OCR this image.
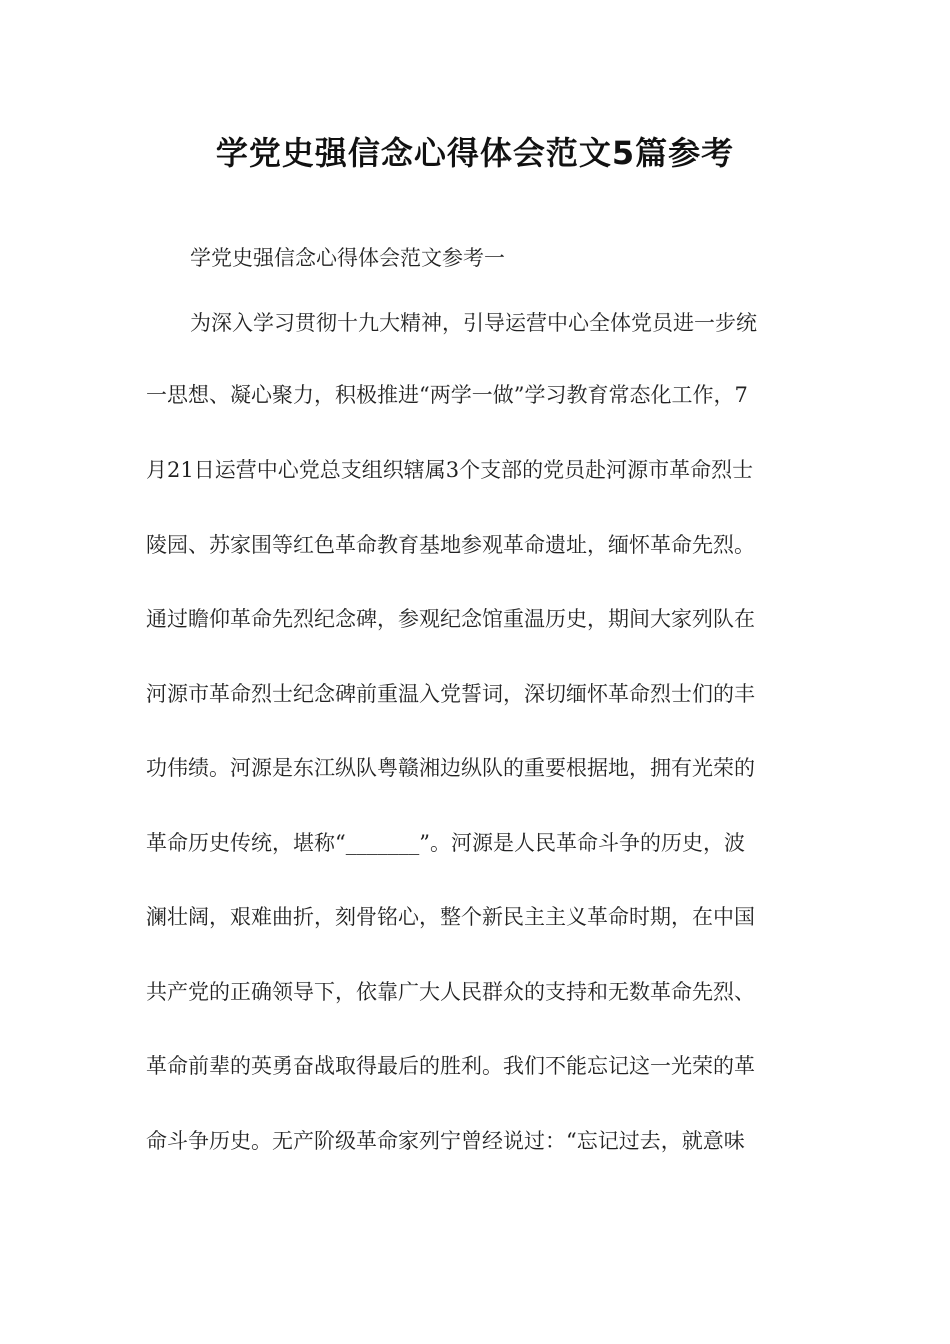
学党史强信念心得体会范文5篇参考
学党史强信念心得体会范文参考一
为深入学习贯彻十九大精神，引导运营中心全体党员进一步统
一思想、凝心聚力，积极推进“两学一做”学习教育常态化工作，7
月21日运营中心党总支组织辖属3个支部的党员赴河源市革命烈士
陵园、苏家围等红色革命教育基地参观革命遗址，缅怀革命先烈。
通过瞻仰革命先烈纪念碑，参观纪念馆重温历史，期间大家列队在
河源市革命烈士纪念碑前重温入党誓词，深切缅怀革命烈士们的丰
功伟绩。河源是东江纵队粤赣湘边纵队的重要根据地，拥有光荣的
革命历史传统，堪称“_______”。河源是人民革命斗争的历史，波
澜壮阔，艰难曲折，刻骨铭心，整个新民主主义革命时期，在中国
共产党的正确领导下，依靠广大人民群众的支持和无数革命先烈、
革命前辈的英勇奋战取得最后的胜利。我们不能忘记这一光荣的革
命斗争历史。无产阶级革命家列宁曾经说过：“忘记过去，就意味
